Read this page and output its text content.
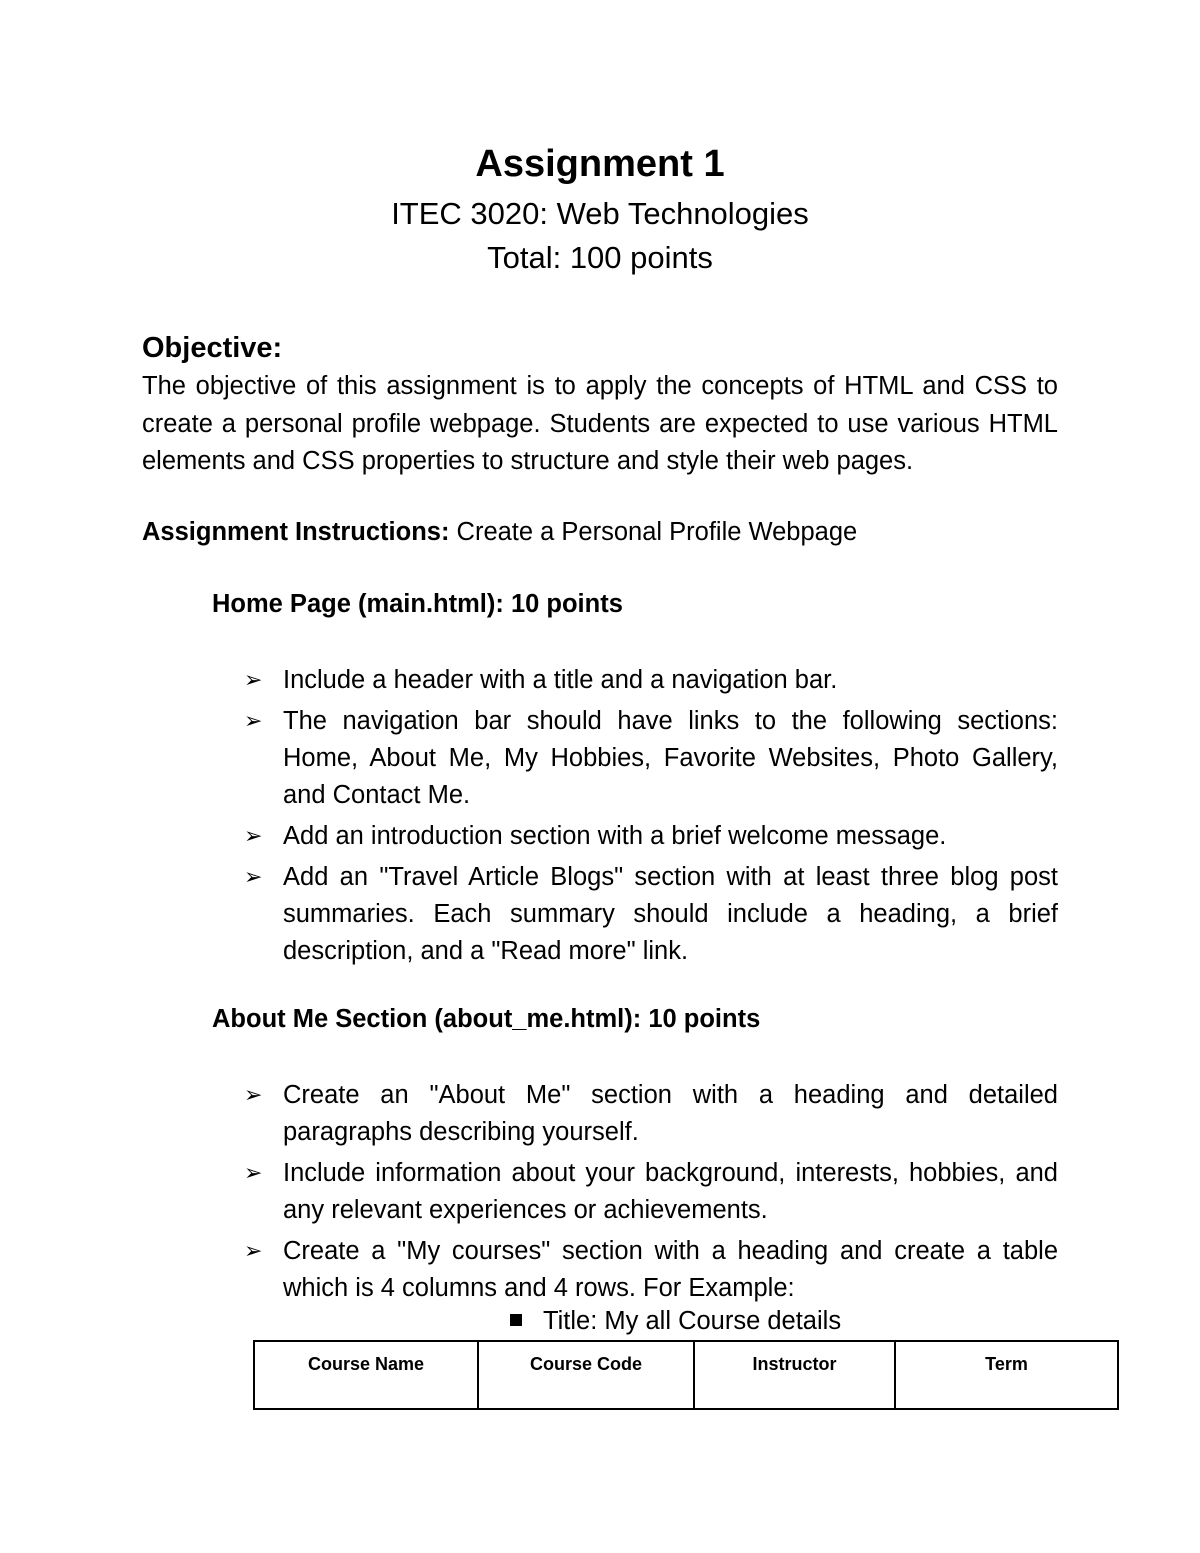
Assignment 1
ITEC 3020: Web Technologies
Total: 100 points
Objective:
The objective of this assignment is to apply the concepts of HTML and CSS to create a personal profile webpage. Students are expected to use various HTML elements and CSS properties to structure and style their web pages.
Assignment Instructions: Create a Personal Profile Webpage
Home Page (main.html): 10 points
➢ Include a header with a title and a navigation bar.
➢ The navigation bar should have links to the following sections: Home, About Me, My Hobbies, Favorite Websites, Photo Gallery, and Contact Me.
➢ Add an introduction section with a brief welcome message.
➢ Add an "Travel Article Blogs" section with at least three blog post summaries. Each summary should include a heading, a brief description, and a "Read more" link.
About Me Section (about_me.html): 10 points
➢ Create an "About Me" section with a heading and detailed paragraphs describing yourself.
➢ Include information about your background, interests, hobbies, and any relevant experiences or achievements.
➢ Create a "My courses" section with a heading and create a table which is 4 columns and 4 rows. For Example:
Title: My all Course details
Course Name	Course Code	Instructor	Term
